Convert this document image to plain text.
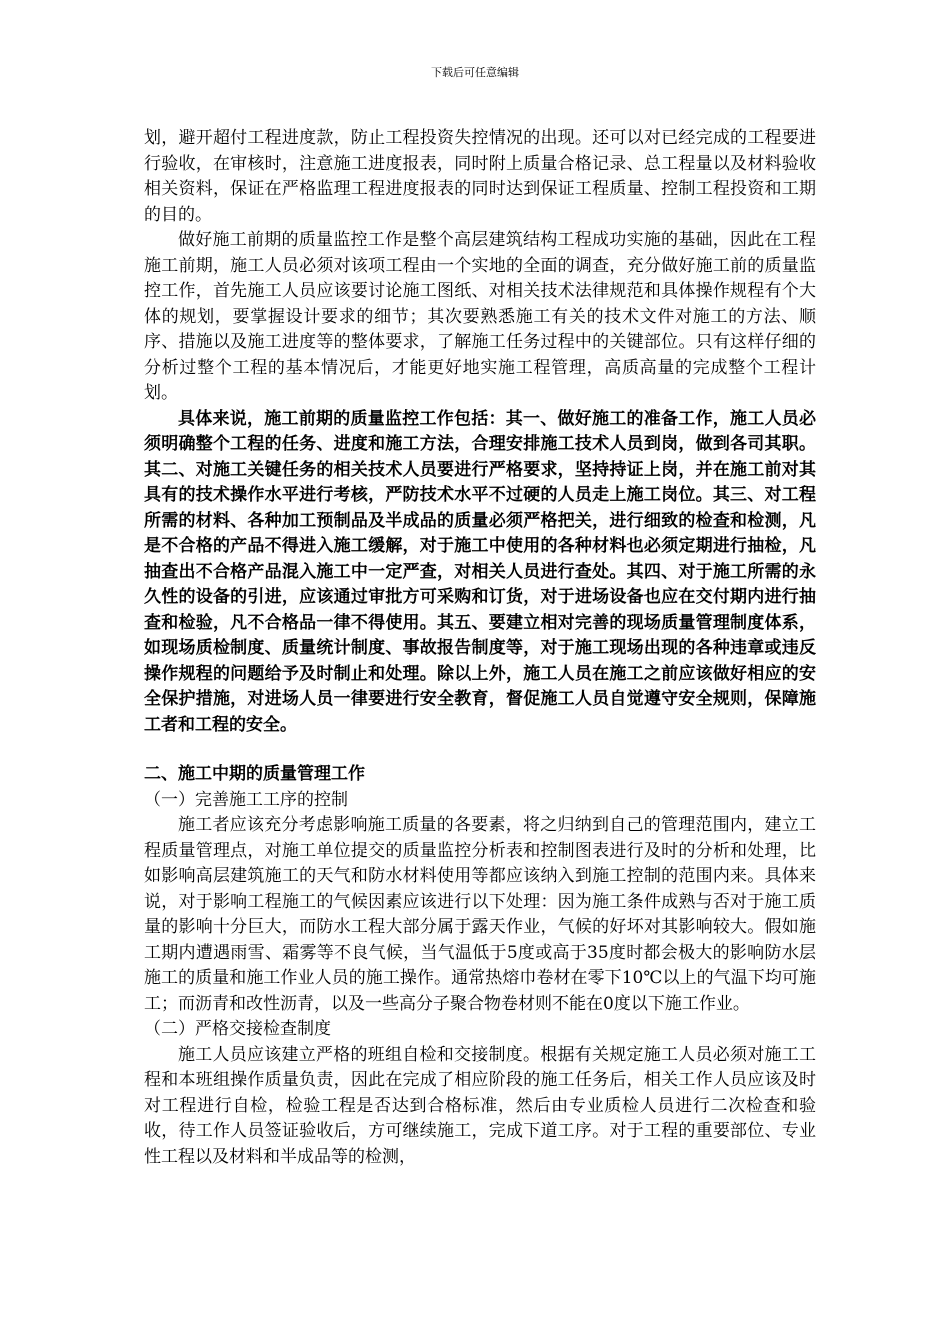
下载后可任意编辑

划，避开超付工程进度款，防止工程投资失控情况的出现。还可以对已经完成的工程要进行验收，在审核时，注意施工进度报表，同时附上质量合格记录、总工程量以及材料验收相关资料，保证在严格监理工程进度报表的同时达到保证工程质量、控制工程投资和工期的目的。

做好施工前期的质量监控工作是整个高层建筑结构工程成功实施的基础，因此在工程施工前期，施工人员必须对该项工程由一个实地的全面的调查，充分做好施工前的质量监控工作，首先施工人员应该要讨论施工图纸、对相关技术法律规范和具体操作规程有个大体的规划，要掌握设计要求的细节；其次要熟悉施工有关的技术文件对施工的方法、顺序、措施以及施工进度等的整体要求，了解施工任务过程中的关键部位。只有这样仔细的分析过整个工程的基本情况后，才能更好地实施工程管理，高质高量的完成整个工程计划。

具体来说，施工前期的质量监控工作包括：其一、做好施工的准备工作，施工人员必须明确整个工程的任务、进度和施工方法，合理安排施工技术人员到岗，做到各司其职。其二、对施工关键任务的相关技术人员要进行严格要求，坚持持证上岗，并在施工前对其具有的技术操作水平进行考核，严防技术水平不过硬的人员走上施工岗位。其三、对工程所需的材料、各种加工预制品及半成品的质量必须严格把关，进行细致的检查和检测，凡是不合格的产品不得进入施工缓解，对于施工中使用的各种材料也必须定期进行抽检，凡抽查出不合格产品混入施工中一定严查，对相关人员进行查处。其四、对于施工所需的永久性的设备的引进，应该通过审批方可采购和订货，对于进场设备也应在交付期内进行抽查和检验，凡不合格品一律不得使用。其五、要建立相对完善的现场质量管理制度体系，如现场质检制度、质量统计制度、事故报告制度等，对于施工现场出现的各种违章或违反操作规程的问题给予及时制止和处理。除以上外，施工人员在施工之前应该做好相应的安全保护措施，对进场人员一律要进行安全教育，督促施工人员自觉遵守安全规则，保障施工者和工程的安全。

二、施工中期的质量管理工作

（一）完善施工工序的控制

施工者应该充分考虑影响施工质量的各要素，将之归纳到自己的管理范围内，建立工程质量管理点，对施工单位提交的质量监控分析表和控制图表进行及时的分析和处理，比如影响高层建筑施工的天气和防水材料使用等都应该纳入到施工控制的范围内来。具体来说，对于影响工程施工的气候因素应该进行以下处理：因为施工条件成熟与否对于施工质量的影响十分巨大，而防水工程大部分属于露天作业，气候的好坏对其影响较大。假如施工期内遭遇雨雪、霜雾等不良气候，当气温低于5度或高于35度时都会极大的影响防水层施工的质量和施工作业人员的施工操作。通常热熔巾卷材在零下10℃以上的气温下均可施工；而沥青和改性沥青，以及一些高分子聚合物卷材则不能在0度以下施工作业。

（二）严格交接检查制度

施工人员应该建立严格的班组自检和交接制度。根据有关规定施工人员必须对施工工程和本班组操作质量负责，因此在完成了相应阶段的施工任务后，相关工作人员应该及时对工程进行自检，检验工程是否达到合格标准，然后由专业质检人员进行二次检查和验收，待工作人员签证验收后，方可继续施工，完成下道工序。对于工程的重要部位、专业性工程以及材料和半成品等的检测，
